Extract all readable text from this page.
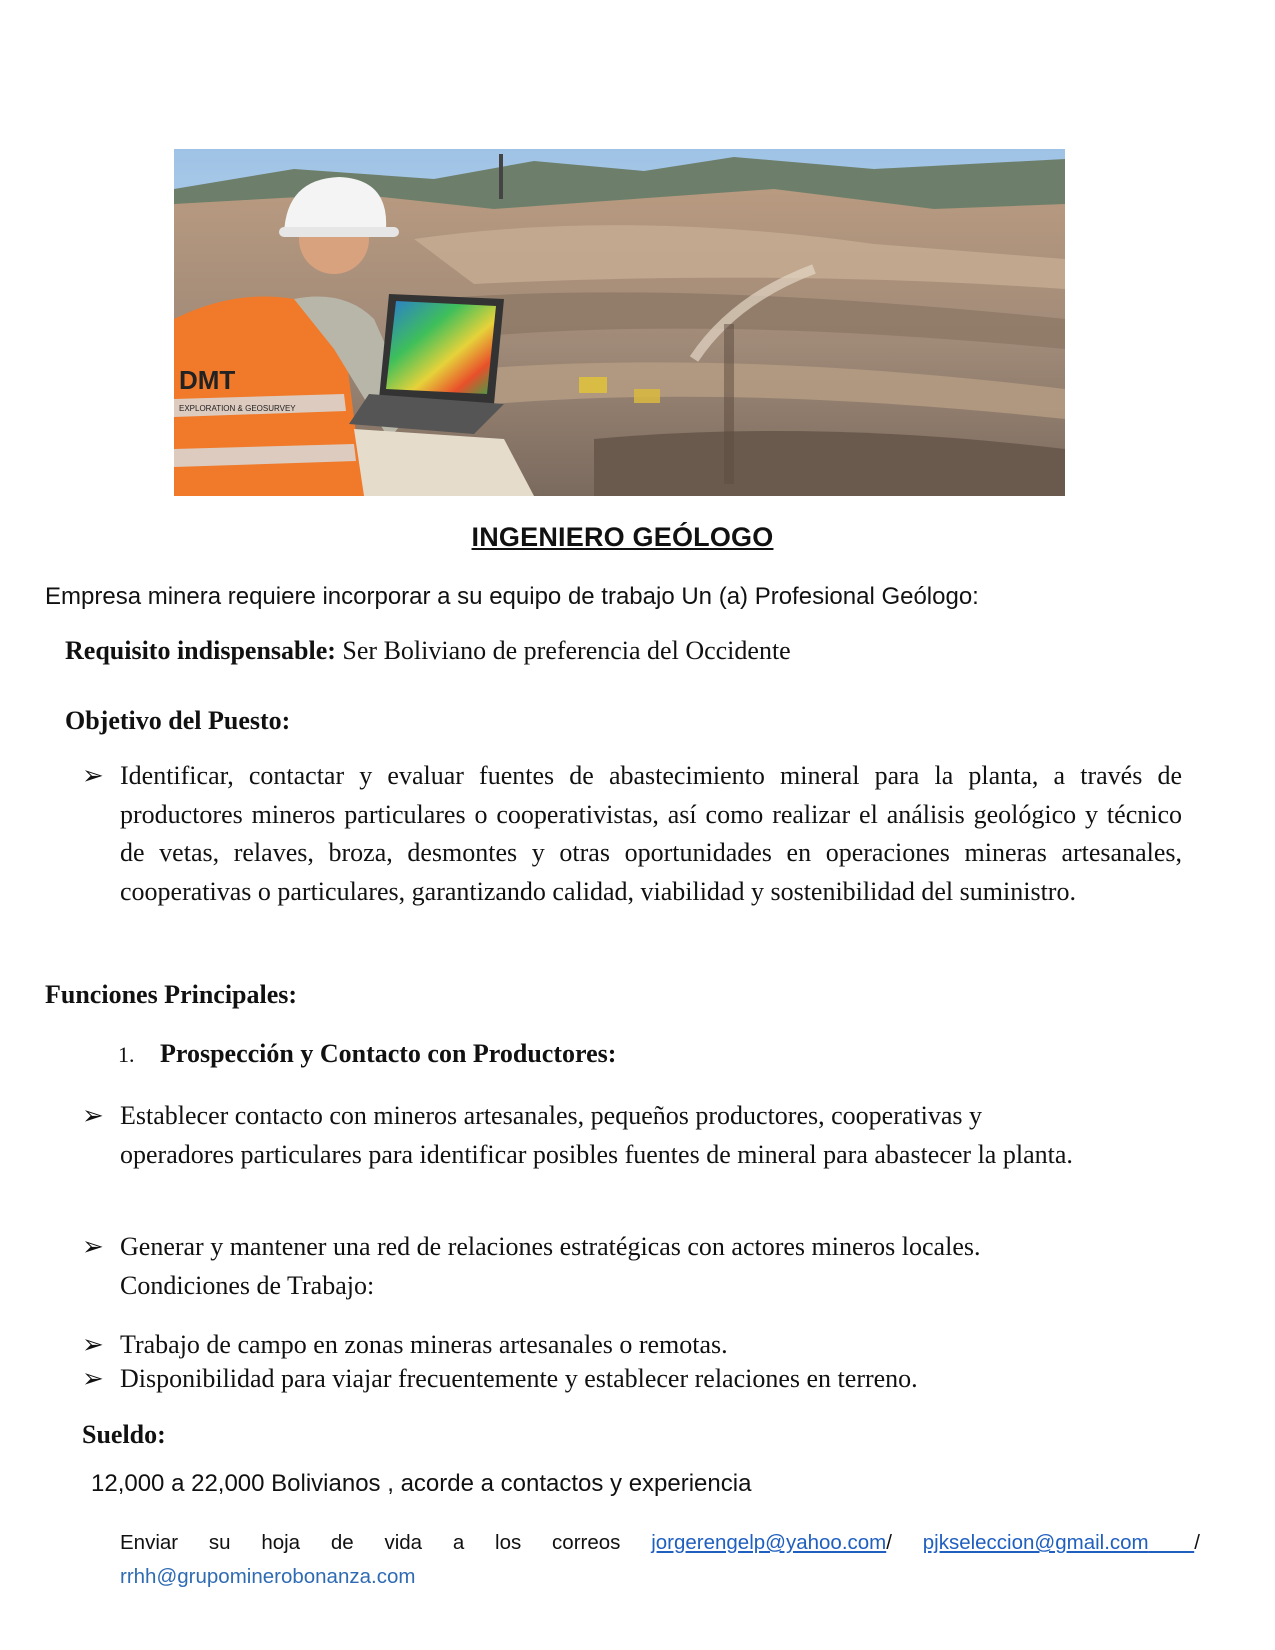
DMT
EXPLORATION & GEOSURVEY
INGENIERO GEÓLOGO
Empresa minera requiere incorporar a su equipo de trabajo Un (a) Profesional Geólogo:
Requisito indispensable: Ser Boliviano de preferencia del Occidente
Objetivo del Puesto:
➢ Identificar, contactar y evaluar fuentes de abastecimiento mineral para la planta, a través de productores mineros particulares o cooperativistas, así como realizar el análisis geológico y técnico de vetas, relaves, broza, desmontes y otras oportunidades en operaciones mineras artesanales, cooperativas o particulares, garantizando calidad, viabilidad y sostenibilidad del suministro.
Funciones Principales:
1. Prospección y Contacto con Productores:
➢ Establecer contacto con mineros artesanales, pequeños productores, cooperativas y operadores particulares para identificar posibles fuentes de mineral para abastecer la planta.
➢ Generar y mantener una red de relaciones estratégicas con actores mineros locales.
Condiciones de Trabajo:
➢ Trabajo de campo en zonas mineras artesanales o remotas.
➢ Disponibilidad para viajar frecuentemente y establecer relaciones en terreno.
Sueldo:
12,000 a 22,000 Bolivianos , acorde a contactos y experiencia
Enviar su hoja de vida a los correos jorgerengelp@yahoo.com/ pjkseleccion@gmail.com /
rrhh@grupominerobonanza.com
